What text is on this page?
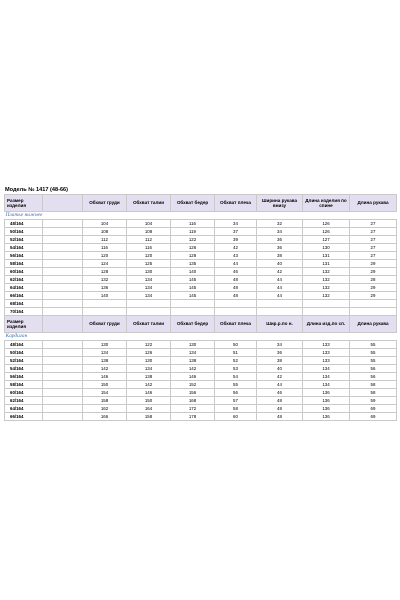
Модель № 1417 (48-66)
Размер изделия		Обхват груди	Обхват талии	Обхват бедер	Обхват плеча	Ширина рукава внизу	Длина изделия по спине	Длина рукава
Платье нижнее								
48/164		104	104	116	34	32	126	27
50/164		108	108	119	37	34	126	27
52/164		112	112	122	39	36	127	27
54/164		116	116	126	42	36	130	27
56/164		120	120	128	43	38	131	27
58/164		124	125	135	44	40	131	29
60/164		128	130	140	46	42	132	29
62/164		132	134	145	48	44	132	28
64/164		136	134	145	48	44	132	29
66/164		140	134	145	48	44	132	29
68/164								
70/164								
Размер изделия		Обхват груди	Обхват талии	Обхват бедер	Обхват плеча	Шир.р.по н.	Длина изд.по сп.	Длина рукава
Кардиган								
48/164		130	122	130	50	34	133	55
50/164		134	126	134	51	36	133	55
52/164		138	130	138	52	38	133	55
54/164		142	134	142	53	40	134	56
56/164		146	138	146	54	42	134	56
58/164		150	142	152	55	44	134	58
60/164		154	146	156	56	46	136	58
62/164		158	150	168	57	48	136	59
64/164		162	164	172	58	48	136	69
66/164		166	158	178	60	48	136	69
